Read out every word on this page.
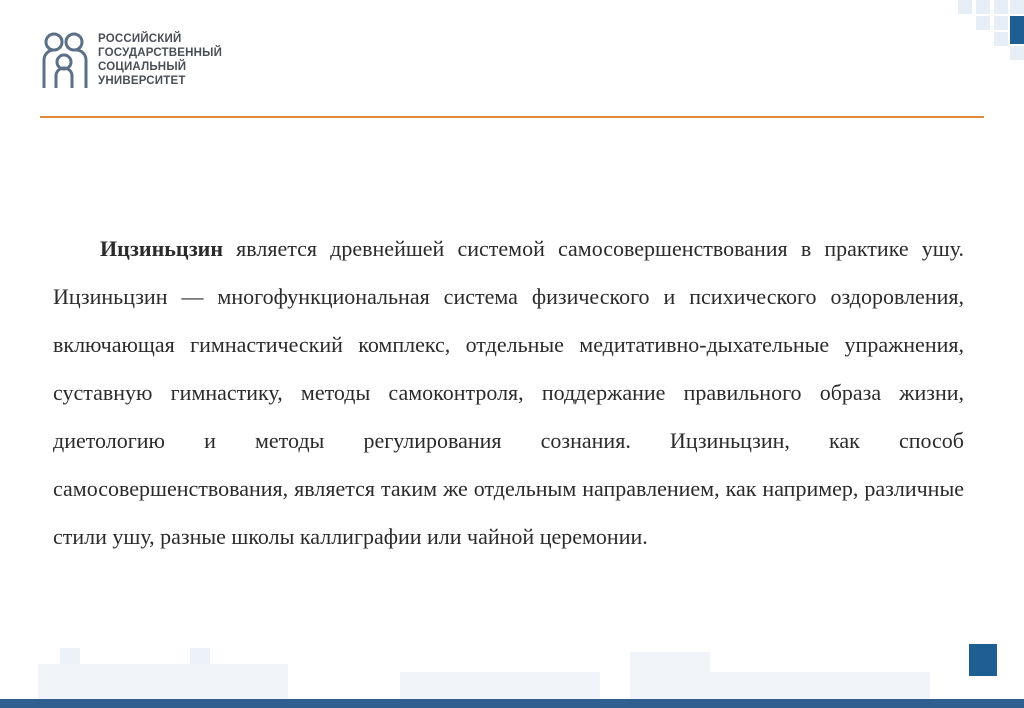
РОССИЙСКИЙ
ГОСУДАРСТВЕННЫЙ
СОЦИАЛЬНЫЙ
УНИВЕРСИТЕТ

Ицзиньцзин является древнейшей системой самосовершенствования в практике ушу. Ицзиньцзин — многофункциональная система физического и психического оздоровления, включающая гимнастический комплекс, отдельные медитативно-дыхательные упражнения, суставную гимнастику, методы самоконтроля, поддержание правильного образа жизни, диетологию и методы регулирования сознания. Ицзиньцзин, как способ самосовершенствования, является таким же отдельным направлением, как например, различные стили ушу, разные школы каллиграфии или чайной церемонии.
